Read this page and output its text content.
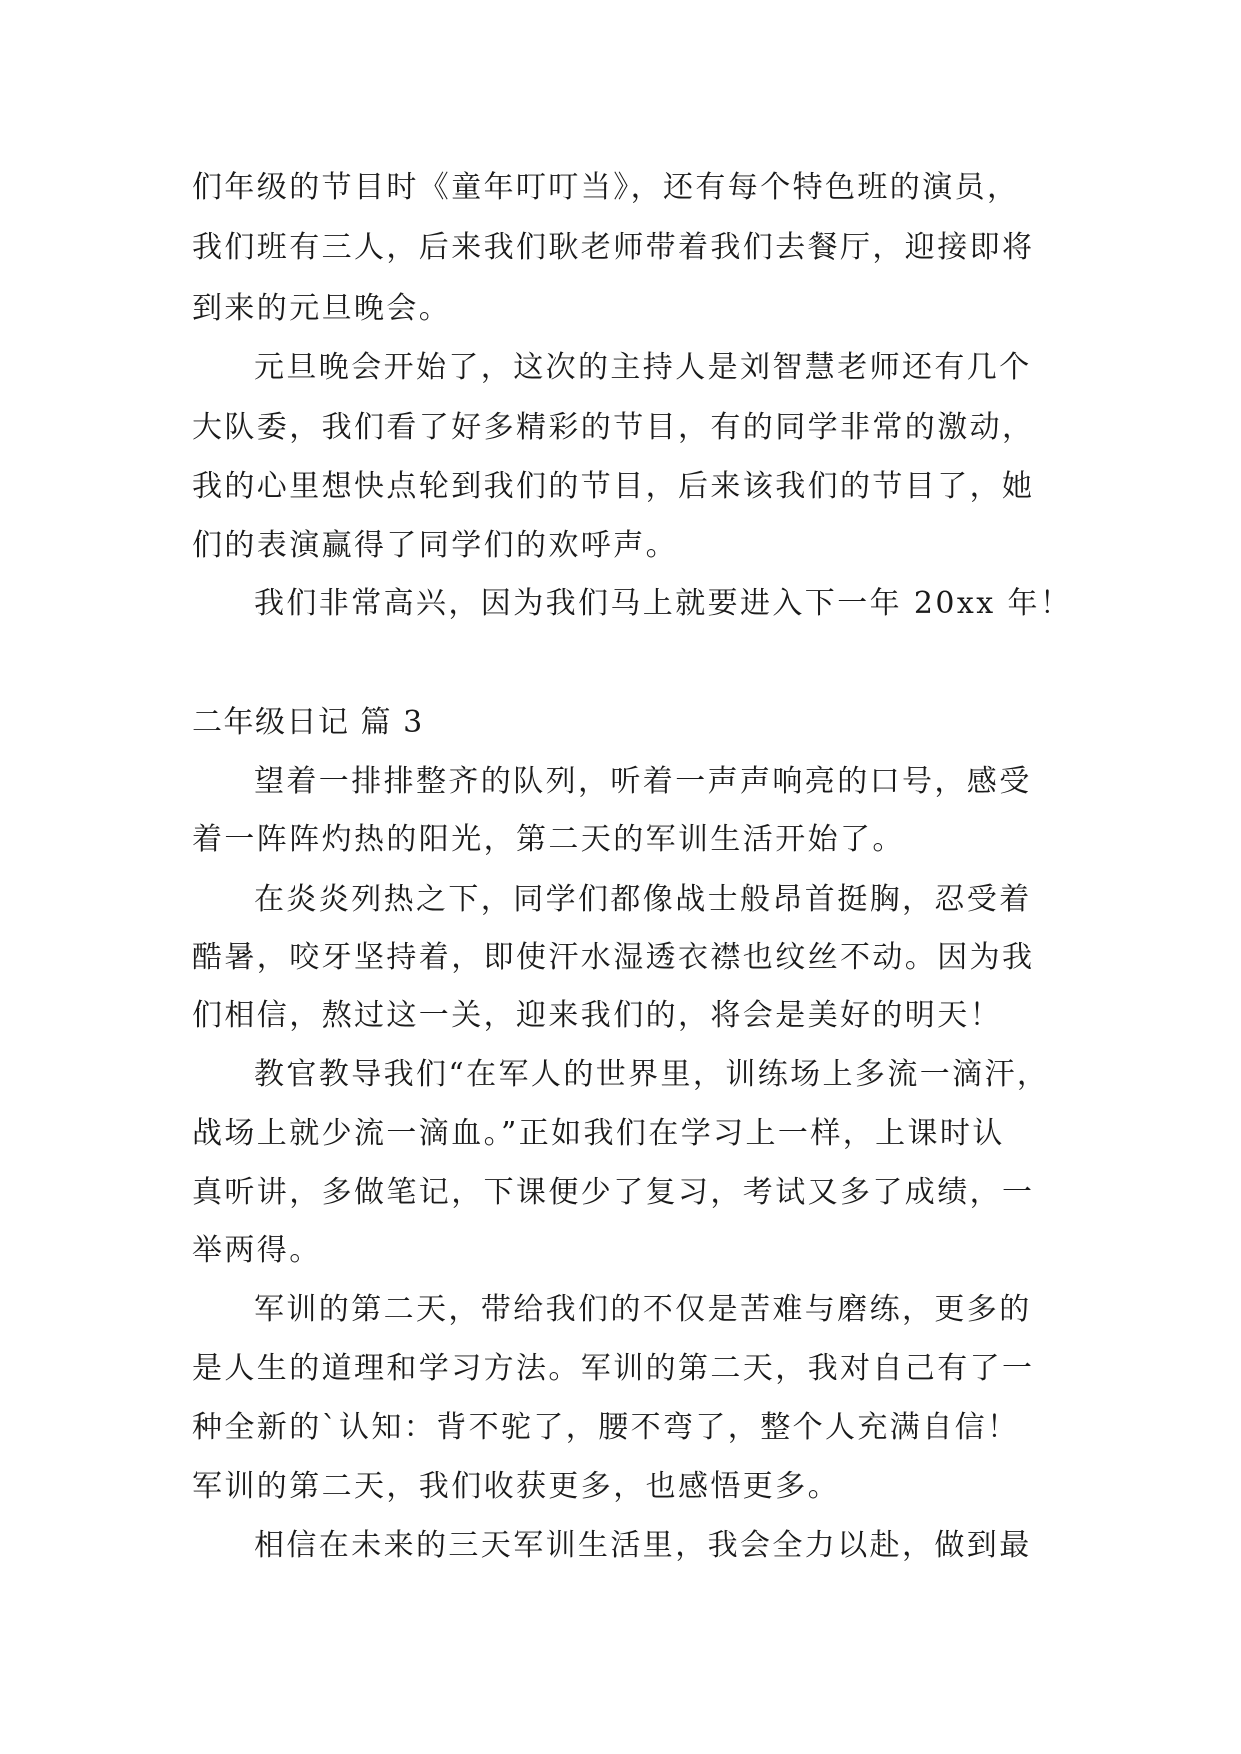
们年级的节目时《童年叮叮当》，还有每个特色班的演员，
我们班有三人，后来我们耿老师带着我们去餐厅，迎接即将
到来的元旦晚会。
元旦晚会开始了，这次的主持人是刘智慧老师还有几个
大队委，我们看了好多精彩的节目，有的同学非常的激动，
我的心里想快点轮到我们的节目，后来该我们的节目了，她
们的表演赢得了同学们的欢呼声。
我们非常高兴，因为我们马上就要进入下一年 20xx 年！
二年级日记 篇 3
望着一排排整齐的队列，听着一声声响亮的口号，感受
着一阵阵灼热的阳光，第二天的军训生活开始了。
在炎炎列热之下，同学们都像战士般昂首挺胸，忍受着
酷暑，咬牙坚持着，即使汗水湿透衣襟也纹丝不动。因为我
们相信，熬过这一关，迎来我们的，将会是美好的明天！
教官教导我们“在军人的世界里，训练场上多流一滴汗，
战场上就少流一滴血。”正如我们在学习上一样，上课时认
真听讲，多做笔记，下课便少了复习，考试又多了成绩，一
举两得。
军训的第二天，带给我们的不仅是苦难与磨练，更多的
是人生的道理和学习方法。军训的第二天，我对自己有了一
种全新的`认知：背不驼了，腰不弯了，整个人充满自信！
军训的第二天，我们收获更多，也感悟更多。
相信在未来的三天军训生活里，我会全力以赴，做到最
